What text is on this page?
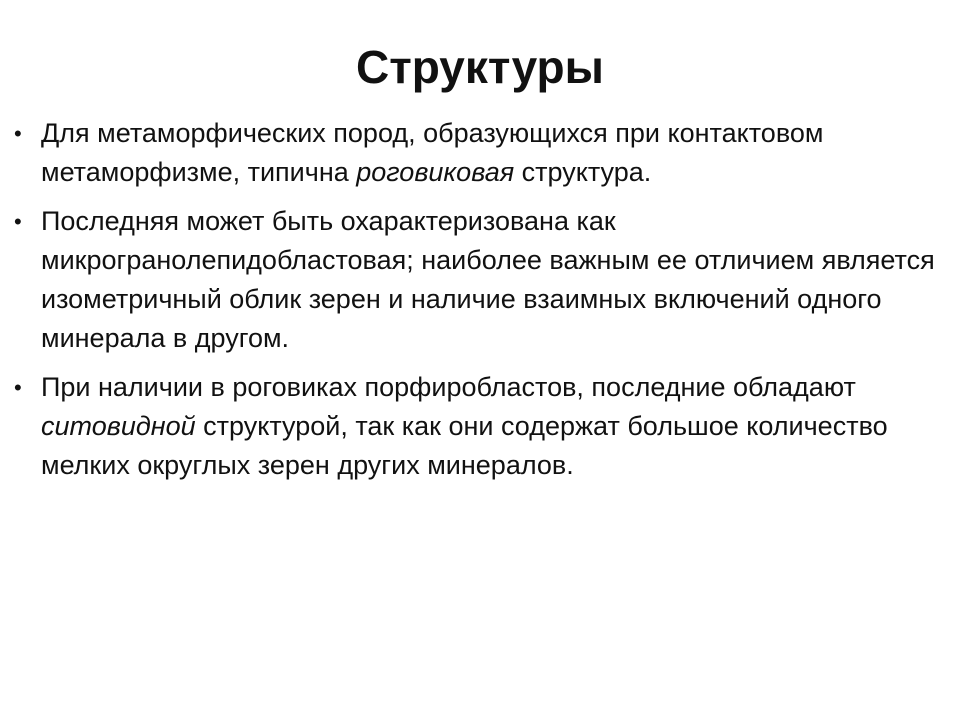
Структуры
• Для метаморфических пород, образующихся при контактовом метаморфизме, типична роговиковая структура.
• Последняя может быть охарактеризована как микрогранолепидобластовая; наиболее важным ее отличием является изометричный облик зерен и наличие взаимных включений одного минерала в другом.
• При наличии в роговиках порфиробластов, последние обладают ситовидной структурой, так как они содержат большое количество мелких округлых зерен других минералов.
